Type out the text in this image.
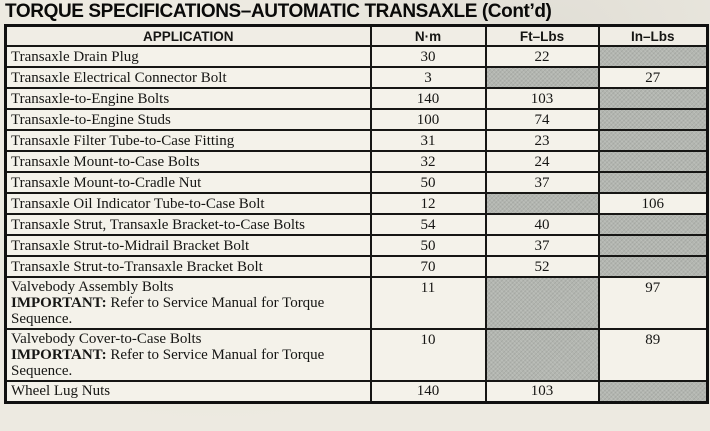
TORQUE SPECIFICATIONS–AUTOMATIC TRANSAXLE (Cont’d)
APPLICATION	N·m	Ft–Lbs	In–Lbs
Transaxle Drain Plug	30	22	
Transaxle Electrical Connector Bolt	3		27
Transaxle-to-Engine Bolts	140	103	
Transaxle-to-Engine Studs	100	74	
Transaxle Filter Tube-to-Case Fitting	31	23	
Transaxle Mount-to-Case Bolts	32	24	
Transaxle Mount-to-Cradle Nut	50	37	
Transaxle Oil Indicator Tube-to-Case Bolt	12		106
Transaxle Strut, Transaxle Bracket-to-Case Bolts	54	40	
Transaxle Strut-to-Midrail Bracket Bolt	50	37	
Transaxle Strut-to-Transaxle Bracket Bolt	70	52	

Valvebody Assembly Bolts
IMPORTANT: Refer to Service Manual for Torque Sequence.	11		97

Valvebody Cover-to-Case Bolts
IMPORTANT: Refer to Service Manual for Torque Sequence.	10		89
Wheel Lug Nuts	140	103	
